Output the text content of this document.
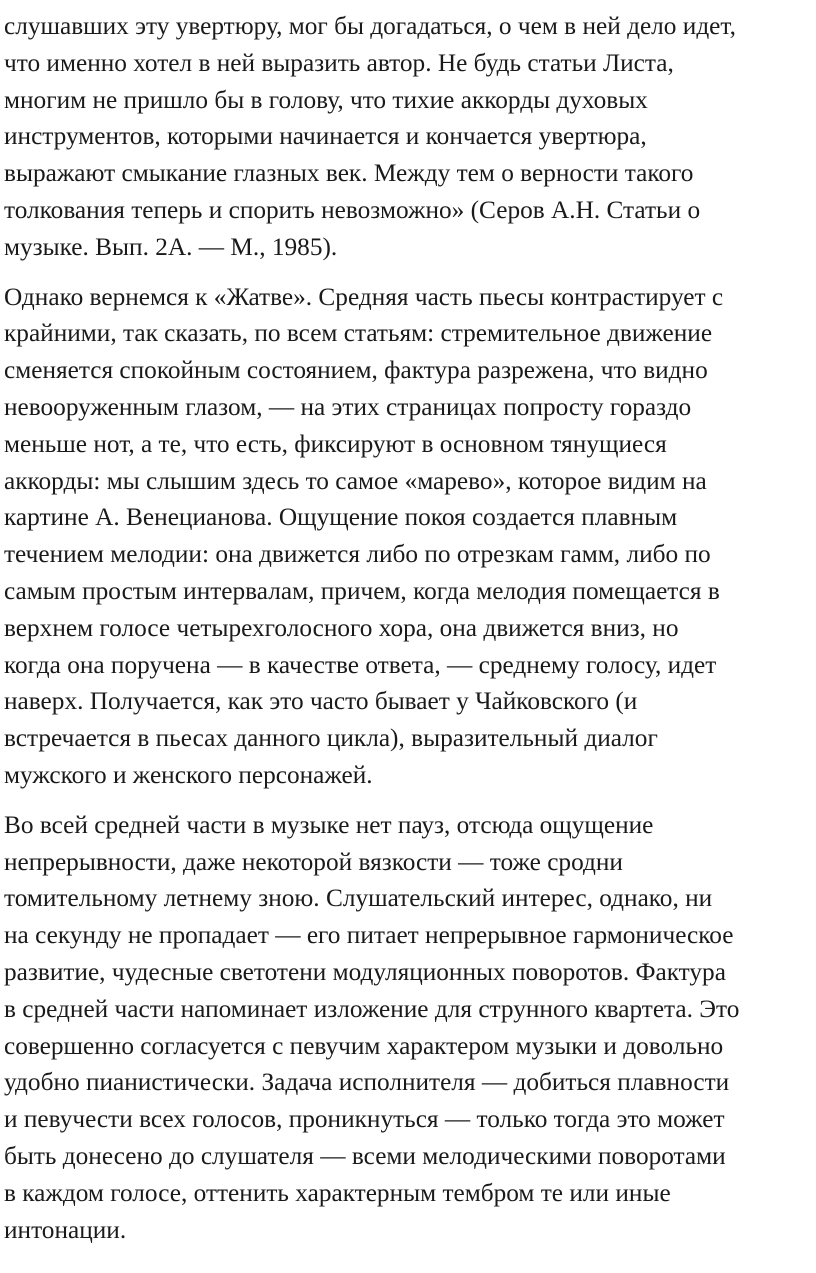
слушавших эту увертюру, мог бы догадаться, о чем в ней дело идет,
что именно хотел в ней выразить автор. Не будь статьи Листа,
многим не пришло бы в голову, что тихие аккорды духовых
инструментов, которыми начинается и кончается увертюра,
выражают смыкание глазных век. Между тем о верности такого
толкования теперь и спорить невозможно» (Серов А.Н. Статьи о
музыке. Вып. 2А. — М., 1985).

Однако вернемся к «Жатве». Средняя часть пьесы контрастирует с
крайними, так сказать, по всем статьям: стремительное движение
сменяется спокойным состоянием, фактура разрежена, что видно
невооруженным глазом, — на этих страницах попросту гораздо
меньше нот, а те, что есть, фиксируют в основном тянущиеся
аккорды: мы слышим здесь то самое «марево», которое видим на
картине А. Венецианова. Ощущение покоя создается плавным
течением мелодии: она движется либо по отрезкам гамм, либо по
самым простым интервалам, причем, когда мелодия помещается в
верхнем голосе четырехголосного хора, она движется вниз, но
когда она поручена — в качестве ответа, — среднему голосу, идет
наверх. Получается, как это часто бывает у Чайковского (и
встречается в пьесах данного цикла), выразительный диалог
мужского и женского персонажей.

Во всей средней части в музыке нет пауз, отсюда ощущение
непрерывности, даже некоторой вязкости — тоже сродни
томительному летнему зною. Слушательский интерес, однако, ни
на секунду не пропадает — его питает непрерывное гармоническое
развитие, чудесные светотени модуляционных поворотов. Фактура
в средней части напоминает изложение для струнного квартета. Это
совершенно согласуется с певучим характером музыки и довольно
удобно пианистически. Задача исполнителя — добиться плавности
и певучести всех голосов, проникнуться — только тогда это может
быть донесено до слушателя — всеми мелодическими поворотами
в каждом голосе, оттенить характерным тембром те или иные
интонации.
